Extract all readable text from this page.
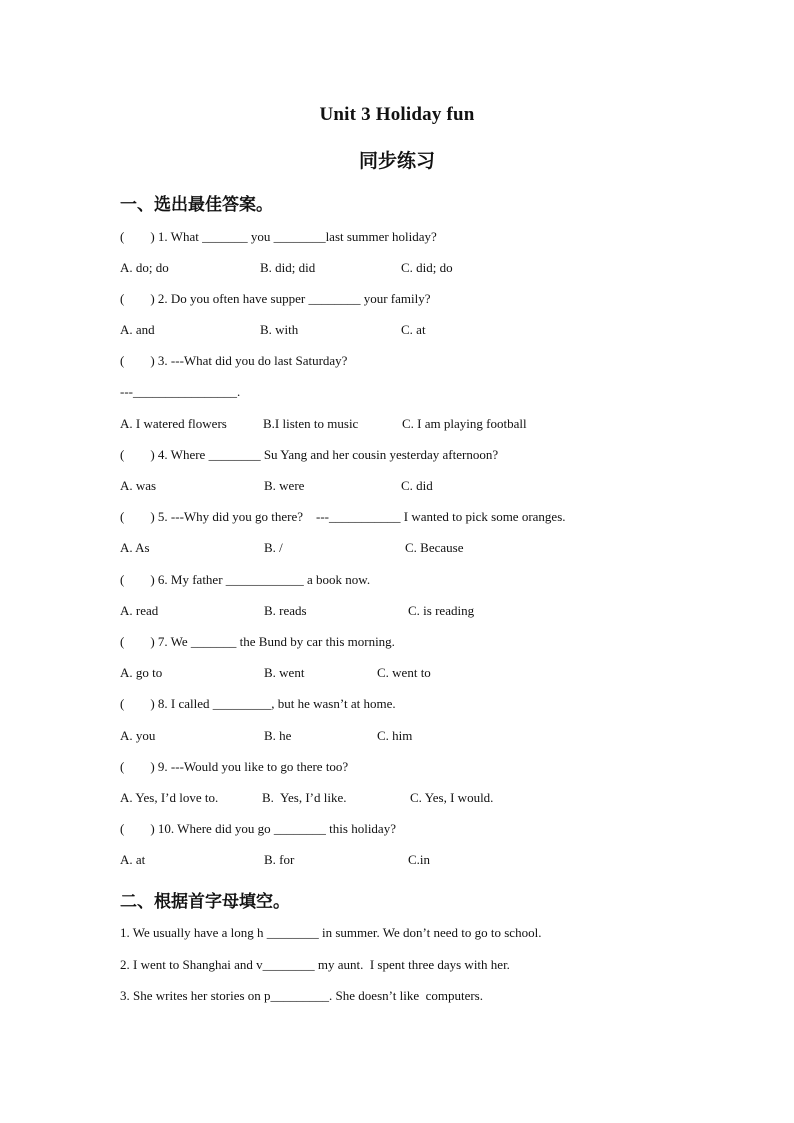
Unit 3 Holiday fun
同步练习
一、选出最佳答案。
(        ) 1. What _______ you ________last summer holiday?
A. do; do	B. did; did	C. did; do
(        ) 2. Do you often have supper ________ your family?
A. and	B. with	C. at
(        ) 3. ---What did you do last Saturday?
---________________.
A. I watered flowers	B.I listen to music	C. I am playing football
(        ) 4. Where ________ Su Yang and her cousin yesterday afternoon?
A. was	B. were	C. did
(        ) 5. ---Why did you go there?    ---___________ I wanted to pick some oranges.
A. As	B. /	C. Because
(        ) 6. My father ____________ a book now.
A. read	B. reads	C. is reading
(        ) 7. We _______ the Bund by car this morning.
A. go to	B. went	C. went to
(        ) 8. I called _________, but he wasn’t at home.
A. you	B. he	C. him
(        ) 9. ---Would you like to go there too?
A. Yes, I’d love to.	B.  Yes, I’d like.	C. Yes, I would.
(        ) 10. Where did you go ________ this holiday?
A. at	B. for	C.in
二、根据首字母填空。
1. We usually have a long h ________ in summer. We don’t need to go to school.
2. I went to Shanghai and v________ my aunt.  I spent three days with her.
3. She writes her stories on p_________. She doesn’t like  computers.
